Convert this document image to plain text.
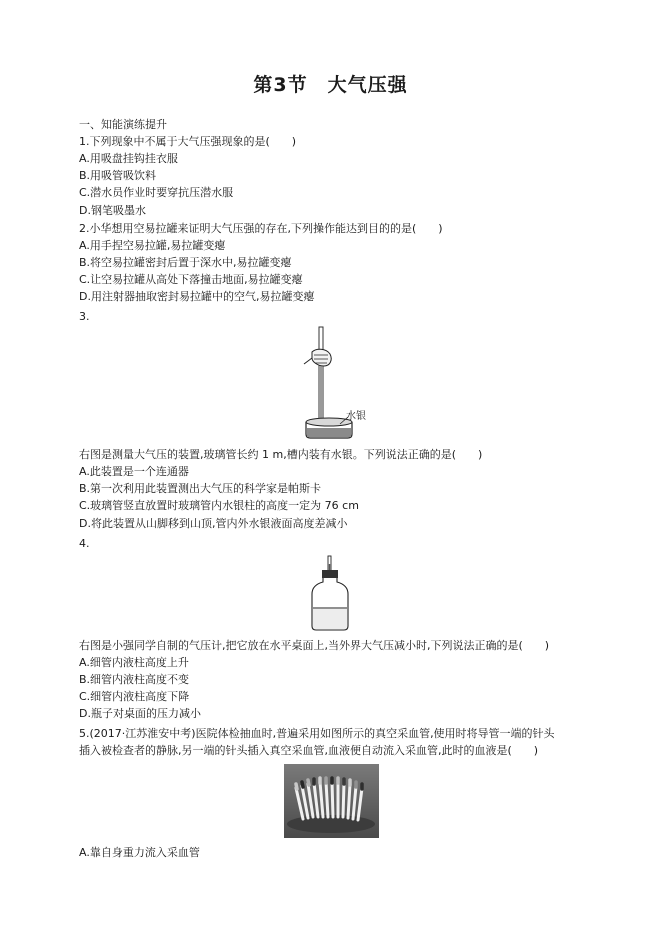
第3节　大气压强
一、知能演练提升
1.下列现象中不属于大气压强现象的是(　　)
A.用吸盘挂钩挂衣服
B.用吸管吸饮料
C.潜水员作业时要穿抗压潜水服
D.钢笔吸墨水
2.小华想用空易拉罐来证明大气压强的存在,下列操作能达到目的的是(　　)
A.用手捏空易拉罐,易拉罐变瘪
B.将空易拉罐密封后置于深水中,易拉罐变瘪
C.让空易拉罐从高处下落撞击地面,易拉罐变瘪
D.用注射器抽取密封易拉罐中的空气,易拉罐变瘪
3.
水银
右图是测量大气压的装置,玻璃管长约 1 m,槽内装有水银。下列说法正确的是(　　)
A.此装置是一个连通器
B.第一次利用此装置测出大气压的科学家是帕斯卡
C.玻璃管竖直放置时玻璃管内水银柱的高度一定为 76 cm
D.将此装置从山脚移到山顶,管内外水银液面高度差减小
4.
右图是小强同学自制的气压计,把它放在水平桌面上,当外界大气压减小时,下列说法正确的是(　　)
A.细管内液柱高度上升
B.细管内液柱高度不变
C.细管内液柱高度下降
D.瓶子对桌面的压力减小
5.(2017·江苏淮安中考)医院体检抽血时,普遍采用如图所示的真空采血管,使用时将导管一端的针头
插入被检查者的静脉,另一端的针头插入真空采血管,血液便自动流入采血管,此时的血液是(　　)
A.靠自身重力流入采血管
